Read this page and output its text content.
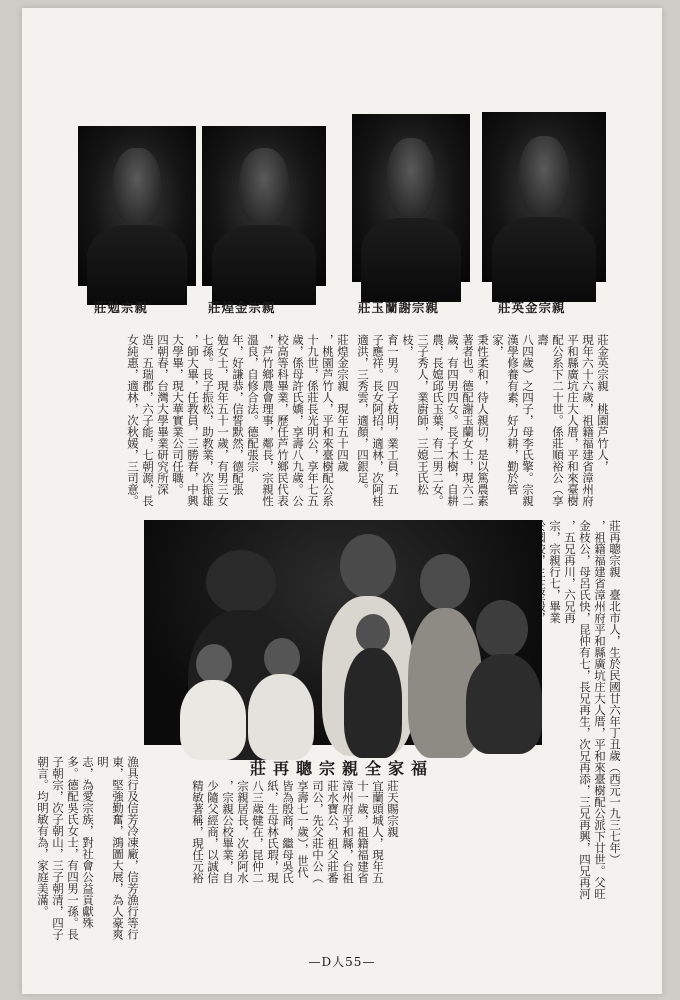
莊勉宗親	莊煌金宗親	莊玉蘭謝宗親	莊英金宗親
莊金英宗親　桃園芦竹人，
現年六十六歲，祖籍福建省漳州府
平和縣廣坑庄大人厝，平和來臺樹
配公系下二十世。係莊順裕公（享壽
八四歲）之四子，母李氏擎。宗親
漢學修養有素，好力耕，勤於管家，
秉性柔和，待人親切，是以篤農素
著者也。德配謝玉蘭女士，現六二
歲，有四男四女。長子木樹，自耕
農，長媳邱氏玉葉，有二男二女。
三子秀人，業廚師，三媳王氏松枝，
育一男。四子枝明，業工員，五
子應祥。長女阿招，適林，次阿桂
適洪，三秀雲，適顏，四銀足。
莊煌金宗親　現年五十四歲
，桃園芦竹人，平和來臺樹配公系
十九世，係莊長光明公，享年七五
歲，係母許氏嬌，享壽八九歲。公
校高等科畢業，歷任芦竹鄉民代表
，芦竹鄉農會理事，鄰長，宗親性
溫良，自修合法。德配張宗
年，好謙恭，信誓默然，德配張
勉女士，現年五十一歲，有男三女
七孫。長子振松，助教業，次振雄
，師大畢，任教員，三勝春，中興
大學畢，現大華實業公司任職。
四朝春，台灣大學畢業研究所深
造，五瑞郡，六子能，七朝源，長
女純惠，適林，次秋媛，三司意。
莊再聰宗親　臺北市人，生於民國廿六年丁丑歲（西元一九三七年）
，祖籍福建省漳州府平和縣廣坑庄大人厝，平和來臺樹配公派下廿世。父旺
金枝公，母呂氏快，昆仲有七，長兄再生，次兄再添，三兄再興，四兄再河
，五兄再川，六兄再
宗，宗親行七，畢業
莊再聰宗親全家福
莊天賜宗親
宜蘭頭城人，現年五
十一歲，祖籍福建省
漳州府平和縣，台祖
莊水寶公，祖父莊番
司公，先父莊中公（
享壽七一歲），世代
皆為殷商，繼母吳氏
紙，生母林氏瑕，現
八三歲健在，昆仲二
宗親居長，次弟阿水
，宗親公校畢業，自
少隨父經商，以誠信
精敏著稱，現任元裕
漁具行及信芳冷凍廠，信芳漁行等行東，堅強勤奮，鴻圖大展，為人豪爽明
志，為愛宗族，對社會公益貢獻殊多。德配吳氏女士，有四男一孫。長
子朝宗，次子朝山，三子朝清，四子朝言。均明敏有為，家庭美滿。
—D人55—
